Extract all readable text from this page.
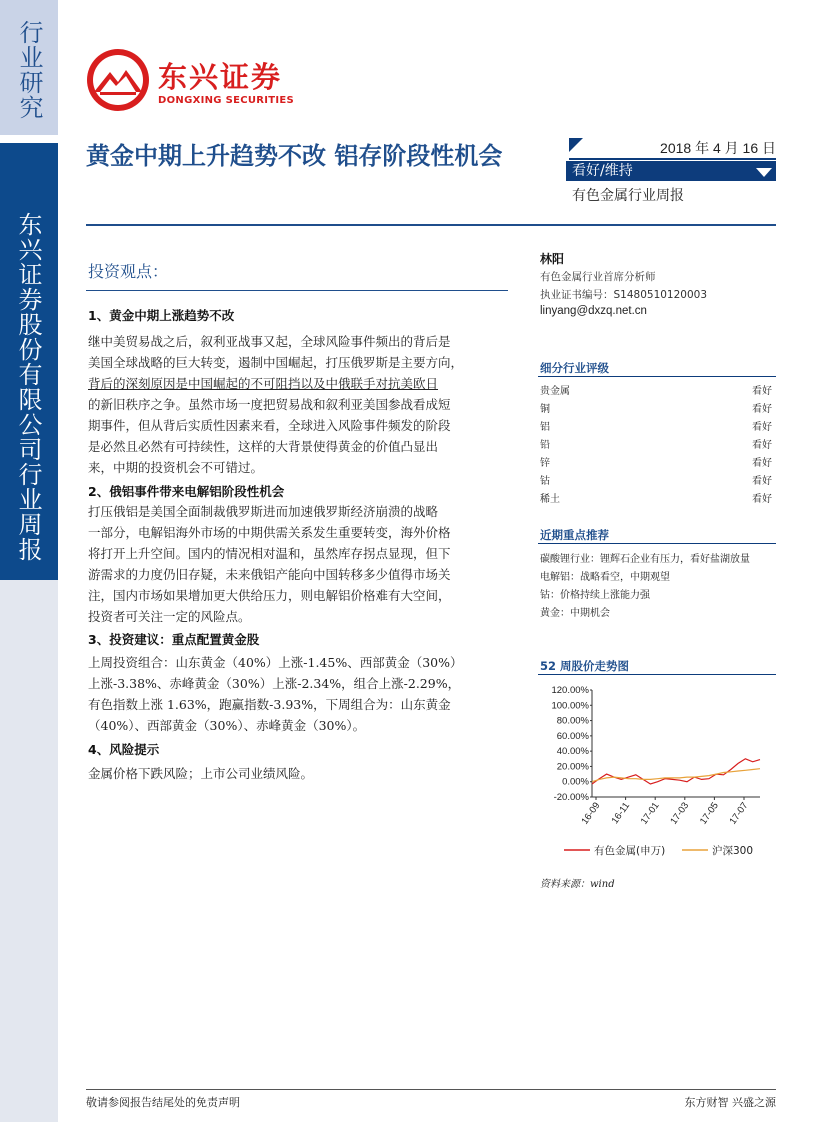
行业研究
东兴证券股份有限公司行业周报
东兴证券
DONGXING SECURITIES
黄金中期上升趋势不改 铝存阶段性机会	2018 年 4 月 16 日
看好/维持
有色金属行业周报
投资观点：
1、黄金中期上涨趋势不改
继中美贸易战之后，叙利亚战事又起，全球风险事件频出的背后是
美国全球战略的巨大转变，遏制中国崛起，打压俄罗斯是主要方向，
背后的深刻原因是中国崛起的不可阻挡以及中俄联手对抗美欧日
的新旧秩序之争。虽然市场一度把贸易战和叙利亚美国参战看成短
期事件，但从背后实质性因素来看，全球进入风险事件频发的阶段
是必然且必然有可持续性，这样的大背景使得黄金的价值凸显出
来，中期的投资机会不可错过。
2、俄铝事件带来电解铝阶段性机会
打压俄铝是美国全面制裁俄罗斯进而加速俄罗斯经济崩溃的战略
一部分，电解铝海外市场的中期供需关系发生重要转变，海外价格
将打开上升空间。国内的情况相对温和，虽然库存拐点显现，但下
游需求的力度仍旧存疑，未来俄铝产能向中国转移多少值得市场关
注，国内市场如果增加更大供给压力，则电解铝价格难有大空间，
投资者可关注一定的风险点。
3、投资建议：重点配置黄金股
上周投资组合：山东黄金（40%）上涨-1.45%、西部黄金（30%）
上涨-3.38%、赤峰黄金（30%）上涨-2.34%，组合上涨-2.29%，
有色指数上涨 1.63%，跑赢指数-3.93%，下周组合为：山东黄金
（40%）、西部黄金（30%）、赤峰黄金（30%）。
4、风险提示
金属价格下跌风险；上市公司业绩风险。
林阳
有色金属行业首席分析师
执业证书编号：S1480510120003
linyang@dxzq.net.cn
细分行业评级
贵金属	看好
铜	看好
铝	看好
铅	看好
锌	看好
钴	看好
稀土	看好
近期重点推荐
碳酸锂行业：锂辉石企业有压力，看好盐湖放量
电解铝：战略看空，中期观望
钴：价格持续上涨能力强
黄金：中期机会
52 周股价走势图
120.00%
100.00%
80.00%
60.00%
40.00%
20.00%
0.00%
-20.00%
16-09 16-11 17-01 17-03 17-05 17-07
有色金属(申万)	沪深300
资料来源：wind
敬请参阅报告结尾处的免责声明	东方财智 兴盛之源
